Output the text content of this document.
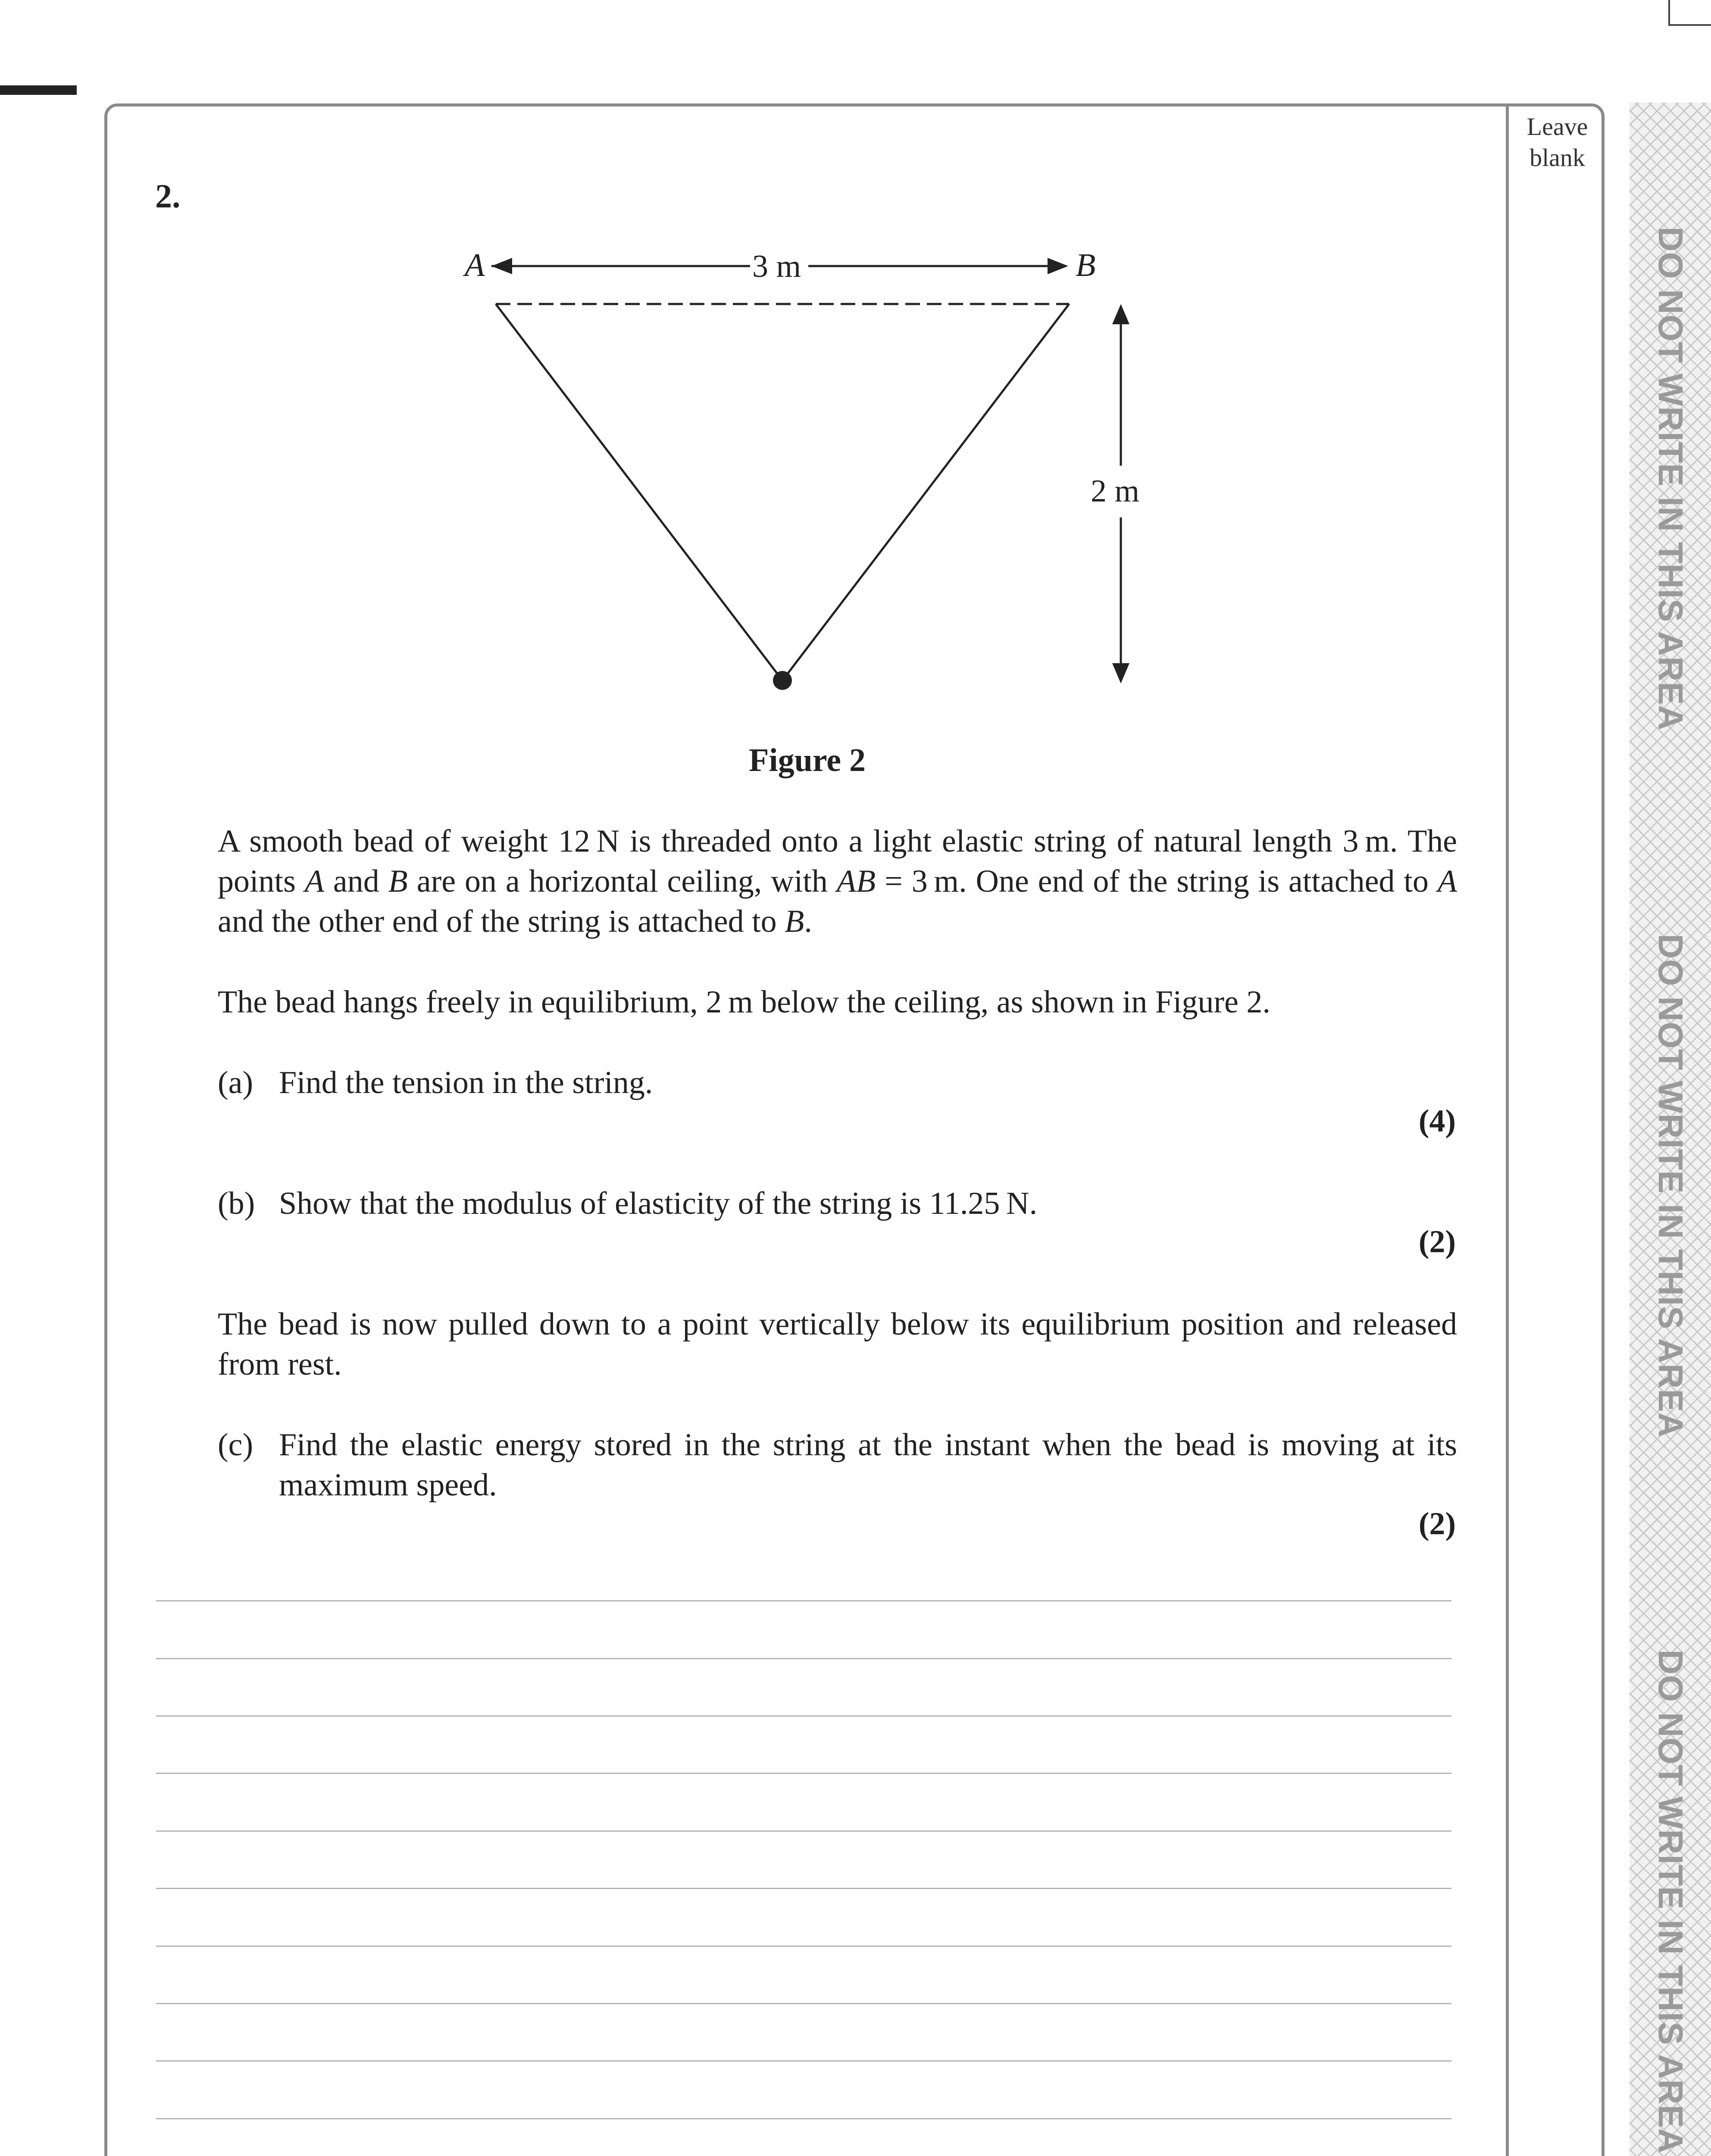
DO NOT WRITE IN THIS AREA
DO NOT WRITE IN THIS AREA
DO NOT WRITE IN THIS AREA
Leave
blank
2.
A	B
3 m
2 m
Figure 2
A smooth bead of weight 12 N is threaded onto a light elastic string of natural length 3 m. The points A and B are on a horizontal ceiling, with AB = 3 m. One end of the string is attached to A and the other end of the string is attached to B.
The bead hangs freely in equilibrium, 2 m below the ceiling, as shown in Figure 2.
(a) Find the tension in the string.
(4)
(b) Show that the modulus of elasticity of the string is 11.25 N.
(2)
The bead is now pulled down to a point vertically below its equilibrium position and released from rest.
(c) Find the elastic energy stored in the string at the instant when the bead is moving at its maximum speed.
(2)
